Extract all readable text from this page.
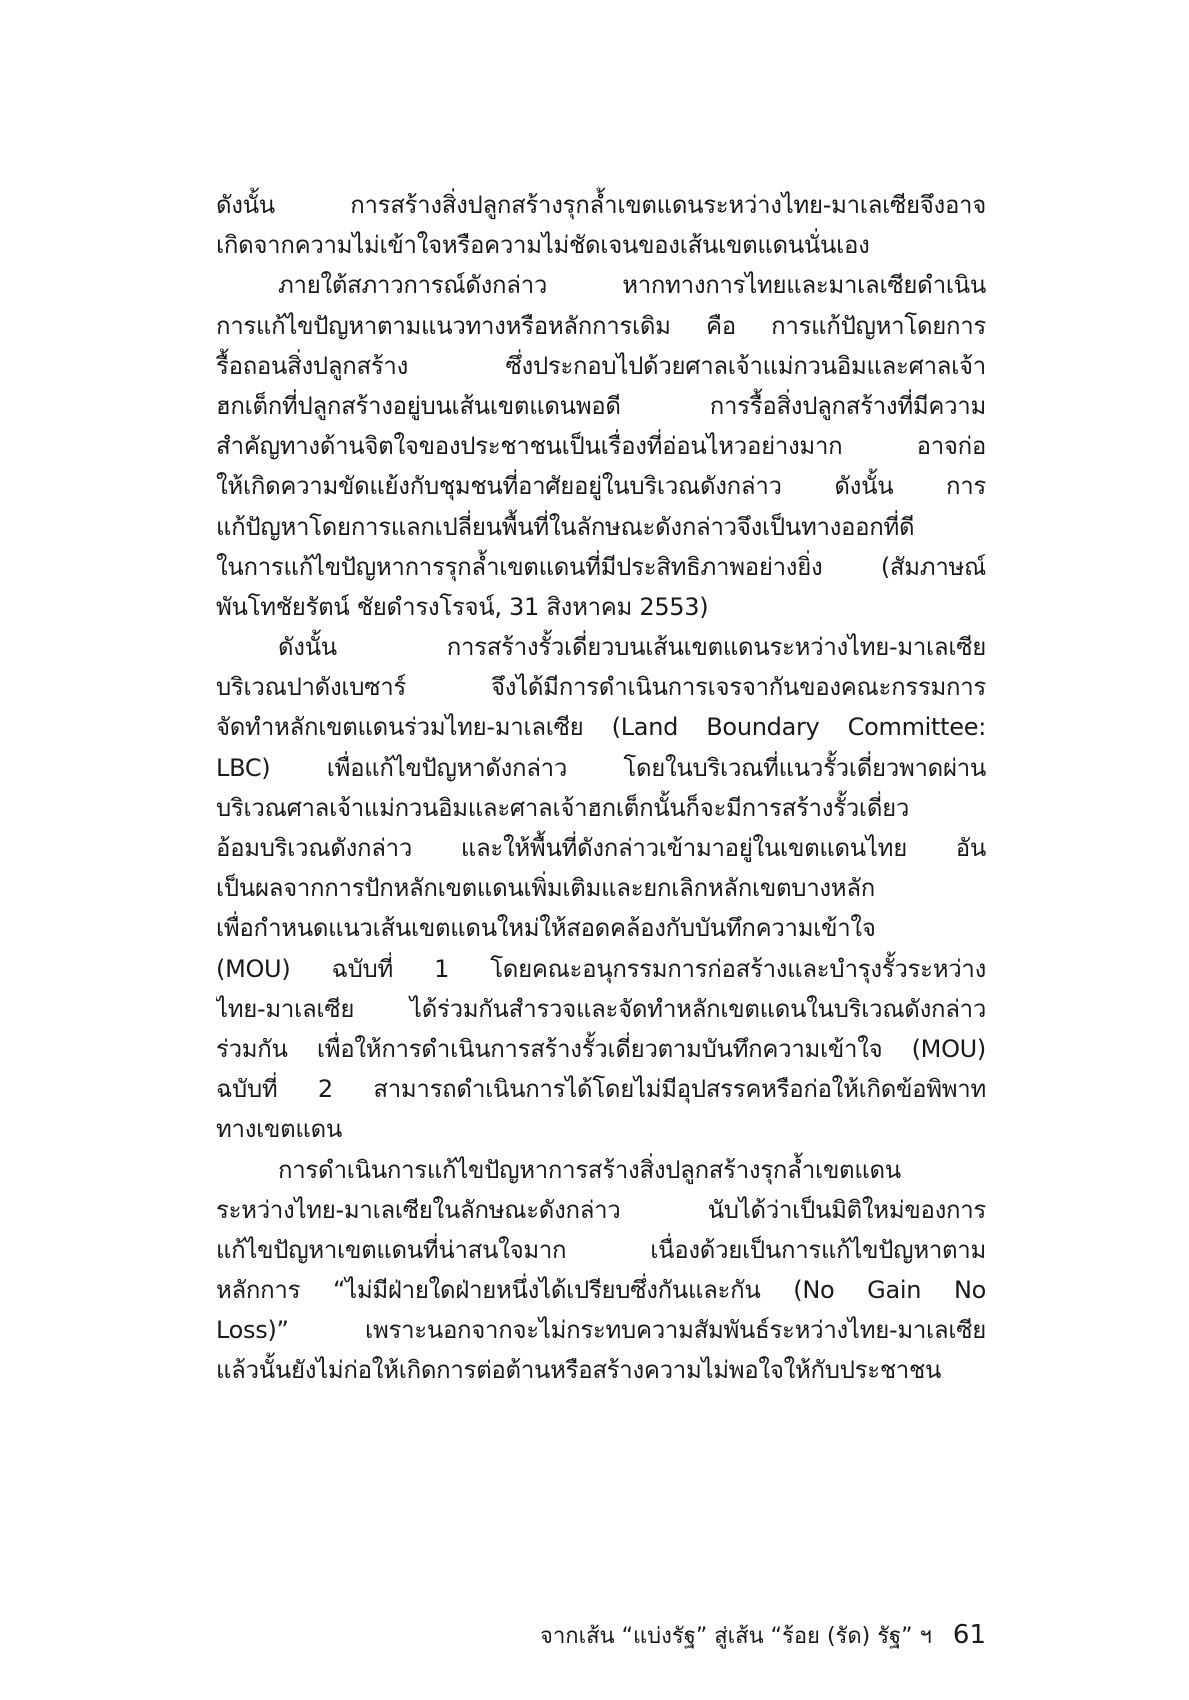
ดังนั้น การสร้างสิ่งปลูกสร้างรุกล้ำเขตแดนระหว่างไทย-มาเลเซียจึงอาจ
เกิดจากความไม่เข้าใจหรือความไม่ชัดเจนของเส้นเขตแดนนั่นเอง
ภายใต้สภาวการณ์ดังกล่าว หากทางการไทยและมาเลเซียดำเนิน
การแก้ไขปัญหาตามแนวทางหรือหลักการเดิม คือ การแก้ปัญหาโดยการ
รื้อถอนสิ่งปลูกสร้าง ซึ่งประกอบไปด้วยศาลเจ้าแม่กวนอิมและศาลเจ้า
ฮกเต็กที่ปลูกสร้างอยู่บนเส้นเขตแดนพอดี การรื้อสิ่งปลูกสร้างที่มีความ
สำคัญทางด้านจิตใจของประชาชนเป็นเรื่องที่อ่อนไหวอย่างมาก อาจก่อ
ให้เกิดความขัดแย้งกับชุมชนที่อาศัยอยู่ในบริเวณดังกล่าว ดังนั้น การ
แก้ปัญหาโดยการแลกเปลี่ยนพื้นที่ในลักษณะดังกล่าวจึงเป็นทางออกที่ดี
ในการแก้ไขปัญหาการรุกล้ำเขตแดนที่มีประสิทธิภาพอย่างยิ่ง (สัมภาษณ์
พันโทชัยรัตน์ ชัยดำรงโรจน์, 31 สิงหาคม 2553)
ดังนั้น การสร้างรั้วเดี่ยวบนเส้นเขตแดนระหว่างไทย-มาเลเซีย
บริเวณปาดังเบซาร์ จึงได้มีการดำเนินการเจรจากันของคณะกรรมการ
จัดทำหลักเขตแดนร่วมไทย-มาเลเซีย (Land Boundary Committee:
LBC) เพื่อแก้ไขปัญหาดังกล่าว โดยในบริเวณที่แนวรั้วเดี่ยวพาดผ่าน
บริเวณศาลเจ้าแม่กวนอิมและศาลเจ้าฮกเต็กนั้นก็จะมีการสร้างรั้วเดี่ยว
อ้อมบริเวณดังกล่าว และให้พื้นที่ดังกล่าวเข้ามาอยู่ในเขตแดนไทย อัน
เป็นผลจากการปักหลักเขตแดนเพิ่มเติมและยกเลิกหลักเขตบางหลัก
เพื่อกำหนดแนวเส้นเขตแดนใหม่ให้สอดคล้องกับบันทึกความเข้าใจ
(MOU) ฉบับที่ 1 โดยคณะอนุกรรมการก่อสร้างและบำรุงรั้วระหว่าง
ไทย-มาเลเซีย ได้ร่วมกันสำรวจและจัดทำหลักเขตแดนในบริเวณดังกล่าว
ร่วมกัน เพื่อให้การดำเนินการสร้างรั้วเดี่ยวตามบันทึกความเข้าใจ (MOU)
ฉบับที่ 2 สามารถดำเนินการได้โดยไม่มีอุปสรรคหรือก่อให้เกิดข้อพิพาท
ทางเขตแดน
การดำเนินการแก้ไขปัญหาการสร้างสิ่งปลูกสร้างรุกล้ำเขตแดน
ระหว่างไทย-มาเลเซียในลักษณะดังกล่าว นับได้ว่าเป็นมิติใหม่ของการ
แก้ไขปัญหาเขตแดนที่น่าสนใจมาก เนื่องด้วยเป็นการแก้ไขปัญหาตาม
หลักการ “ไม่มีฝ่ายใดฝ่ายหนึ่งได้เปรียบซึ่งกันและกัน (No Gain No
Loss)” เพราะนอกจากจะไม่กระทบความสัมพันธ์ระหว่างไทย-มาเลเซีย
แล้วนั้นยังไม่ก่อให้เกิดการต่อต้านหรือสร้างความไม่พอใจให้กับประชาชน
จากเส้น “แบ่งรัฐ” สู่เส้น “ร้อย (รัด) รัฐ” ฯ 61
